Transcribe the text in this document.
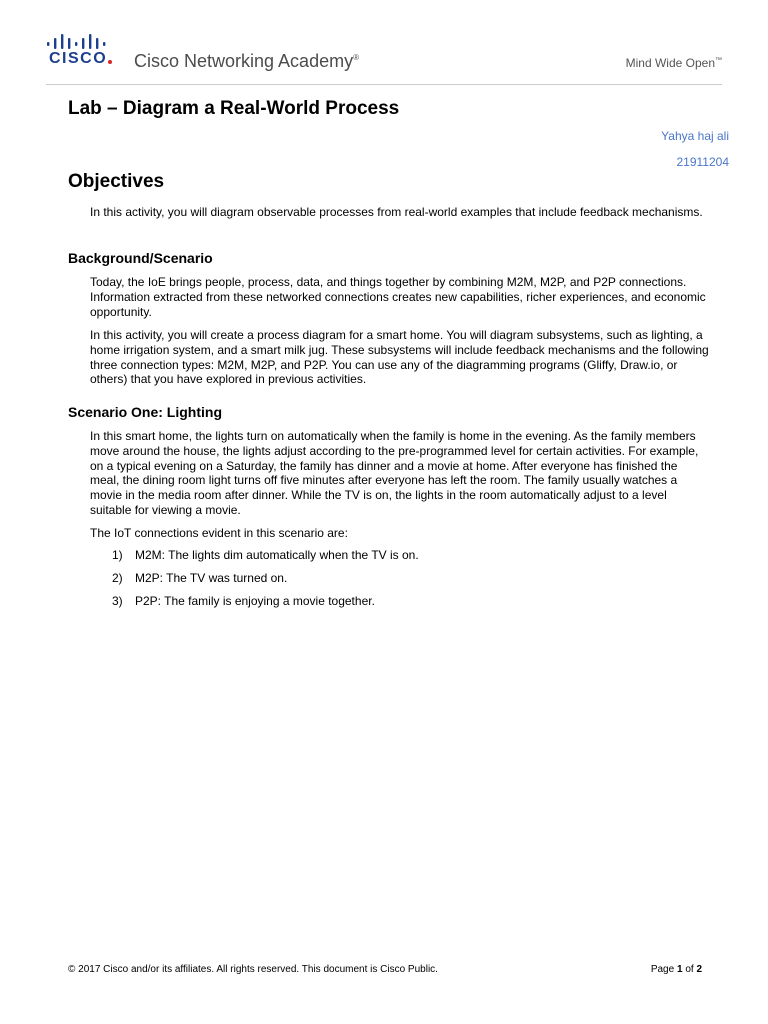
CISCO Cisco Networking Academy®	Mind Wide Open™
Lab – Diagram a Real-World Process
Yahya haj ali
21911204
Objectives
In this activity, you will diagram observable processes from real-world examples that include feedback mechanisms.
Background/Scenario
Today, the IoE brings people, process, data, and things together by combining M2M, M2P, and P2P connections. Information extracted from these networked connections creates new capabilities, richer experiences, and economic opportunity.
In this activity, you will create a process diagram for a smart home. You will diagram subsystems, such as lighting, a home irrigation system, and a smart milk jug. These subsystems will include feedback mechanisms and the following three connection types: M2M, M2P, and P2P. You can use any of the diagramming programs (Gliffy, Draw.io, or others) that you have explored in previous activities.
Scenario One: Lighting
In this smart home, the lights turn on automatically when the family is home in the evening. As the family members move around the house, the lights adjust according to the pre-programmed level for certain activities. For example, on a typical evening on a Saturday, the family has dinner and a movie at home. After everyone has finished the meal, the dining room light turns off five minutes after everyone has left the room. The family usually watches a movie in the media room after dinner. While the TV is on, the lights in the room automatically adjust to a level suitable for viewing a movie.
The IoT connections evident in this scenario are:
1) M2M: The lights dim automatically when the TV is on.
2) M2P: The TV was turned on.
3) P2P: The family is enjoying a movie together.
© 2017 Cisco and/or its affiliates. All rights reserved. This document is Cisco Public.	Page 1 of 2
